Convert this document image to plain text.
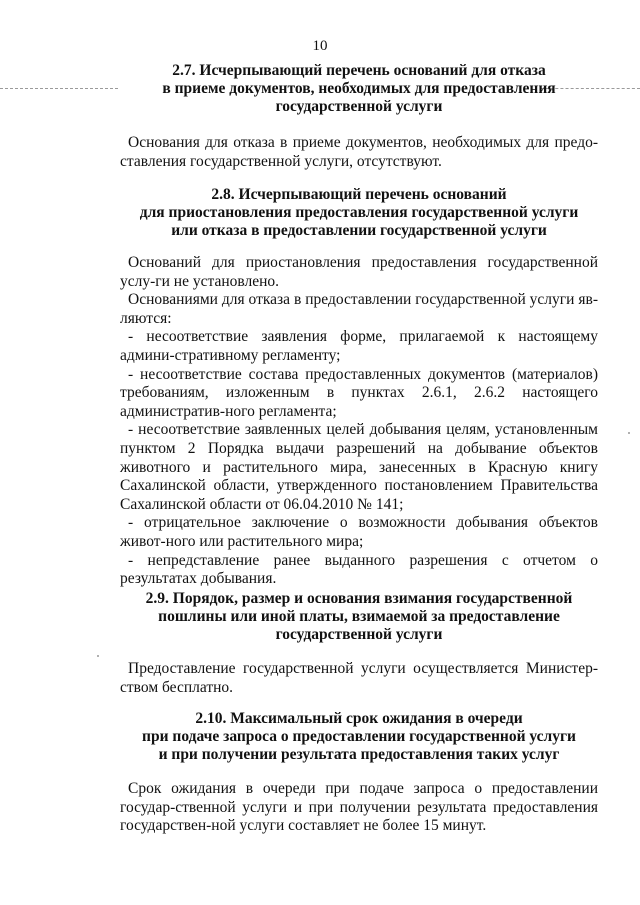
10
2.7. Исчерпывающий перечень оснований для отказа
в приеме документов, необходимых для предоставления
государственной услуги

Основания для отказа в приеме документов, необходимых для предо-ставления государственной услуги, отсутствуют.

2.8. Исчерпывающий перечень оснований
для приостановления предоставления государственной услуги
или отказа в предоставлении государственной услуги

Оснований для приостановления предоставления государственной услу-ги не установлено.

Основаниями для отказа в предоставлении государственной услуги яв-ляются:

- несоответствие заявления форме, прилагаемой к настоящему админи-стративному регламенту;

- несоответствие состава предоставленных документов (материалов) требованиям, изложенным в пунктах 2.6.1, 2.6.2 настоящего административ-ного регламента;

- несоответствие заявленных целей добывания целям, установленным пунктом 2 Порядка выдачи разрешений на добывание объектов животного и растительного мира, занесенных в Красную книгу Сахалинской области, утвержденного постановлением Правительства Сахалинской области от 06.04.2010 № 141;

- отрицательное заключение о возможности добывания объектов живот-ного или растительного мира;

- непредставление ранее выданного разрешения с отчетом о результатах добывания.

2.9. Порядок, размер и основания взимания государственной
пошлины или иной платы, взимаемой за предоставление
государственной услуги

Предоставление государственной услуги осуществляется Министер-ством бесплатно.

2.10. Максимальный срок ожидания в очереди
при подаче запроса о предоставлении государственной услуги
и при получении результата предоставления таких услуг

Срок ожидания в очереди при подаче запроса о предоставлении государ-ственной услуги и при получении результата предоставления государствен-ной услуги составляет не более 15 минут.
